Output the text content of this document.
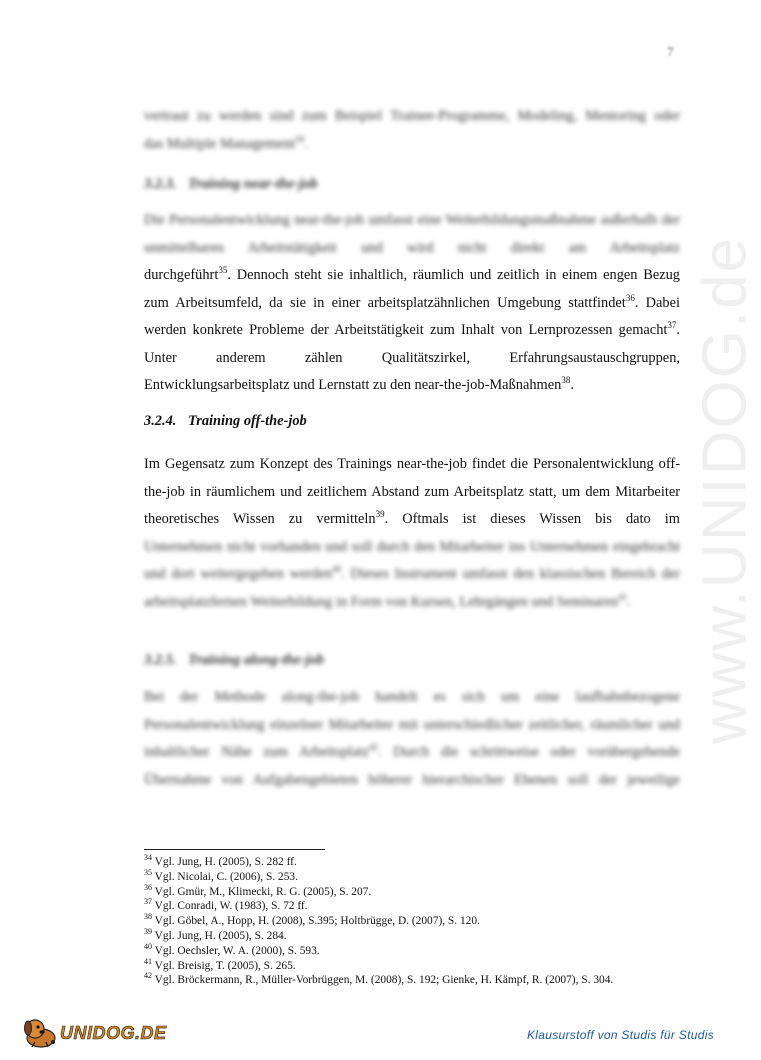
7
www.UNIDOG.de
vertraut zu werden sind zum Beispiel Trainee-Programme, Modeling, Mentoring oder
das Multiple Management$^{34}$.
3.2.3. Training near-the-job
Die Personalentwicklung near-the-job umfasst eine Weiterbildungsmaßnahme außerhalb der unmittelbaren Arbeitstätigkeit und wird nicht direkt am Arbeitsplatz
durchgeführt$^{35}$. Dennoch steht sie inhaltlich, räumlich und zeitlich in einem engen Bezug zum Arbeitsumfeld, da sie in einer arbeitsplatzähnlichen Umgebung stattfindet$^{36}$. Dabei werden konkrete Probleme der Arbeitstätigkeit zum Inhalt von Lernprozessen gemacht$^{37}$. Unter anderem zählen Qualitätszirkel, Erfahrungsaustauschgruppen, Entwicklungsarbeitsplatz und Lernstatt zu den near-the-job-Maßnahmen$^{38}$.
3.2.4. Training off-the-job
Im Gegensatz zum Konzept des Trainings near-the-job findet die Personalentwicklung off-the-job in räumlichem und zeitlichem Abstand zum Arbeitsplatz statt, um dem Mitarbeiter theoretisches Wissen zu vermitteln$^{39}$. Oftmals ist dieses Wissen bis dato im
Unternehmen nicht vorhanden und soll durch den Mitarbeiter ins Unternehmen eingebracht und dort weitergegeben werden$^{40}$. Dieses Instrument umfasst den klassischen Bereich der arbeitsplatzfernen Weiterbildung in Form von Kursen, Lehrgängen und Seminaren$^{41}$.
3.2.5. Training along-the-job
Bei der Methode along-the-job handelt es sich um eine laufbahnbezogene Personalentwicklung einzelner Mitarbeiter mit unterschiedlicher zeitlicher, räumlicher und inhaltlicher Nähe zum Arbeitsplatz$^{42}$. Durch die schrittweise oder vorübergehende Übernahme von Aufgabengebieten höherer hierarchischer Ebenen soll der jeweilige
$^{34}$ Vgl. Jung, H. (2005), S. 282 ff.
$^{35}$ Vgl. Nicolai, C. (2006), S. 253.
$^{36}$ Vgl. Gmür, M., Klimecki, R. G. (2005), S. 207.
$^{37}$ Vgl. Conradi, W. (1983), S. 72 ff.
$^{38}$ Vgl. Göbel, A., Hopp, H. (2008), S.395; Holtbrügge, D. (2007), S. 120.
$^{39}$ Vgl. Jung, H. (2005), S. 284.
$^{40}$ Vgl. Oechsler, W. A. (2000), S. 593.
$^{41}$ Vgl. Breisig, T. (2005), S. 265.
$^{42}$ Vgl. Bröckermann, R., Müller-Vorbrüggen, M. (2008), S. 192; Gienke, H. Kämpf, R. (2007), S. 304.
UNIDOG.DE	Klausurstoff von Studis für Studis
